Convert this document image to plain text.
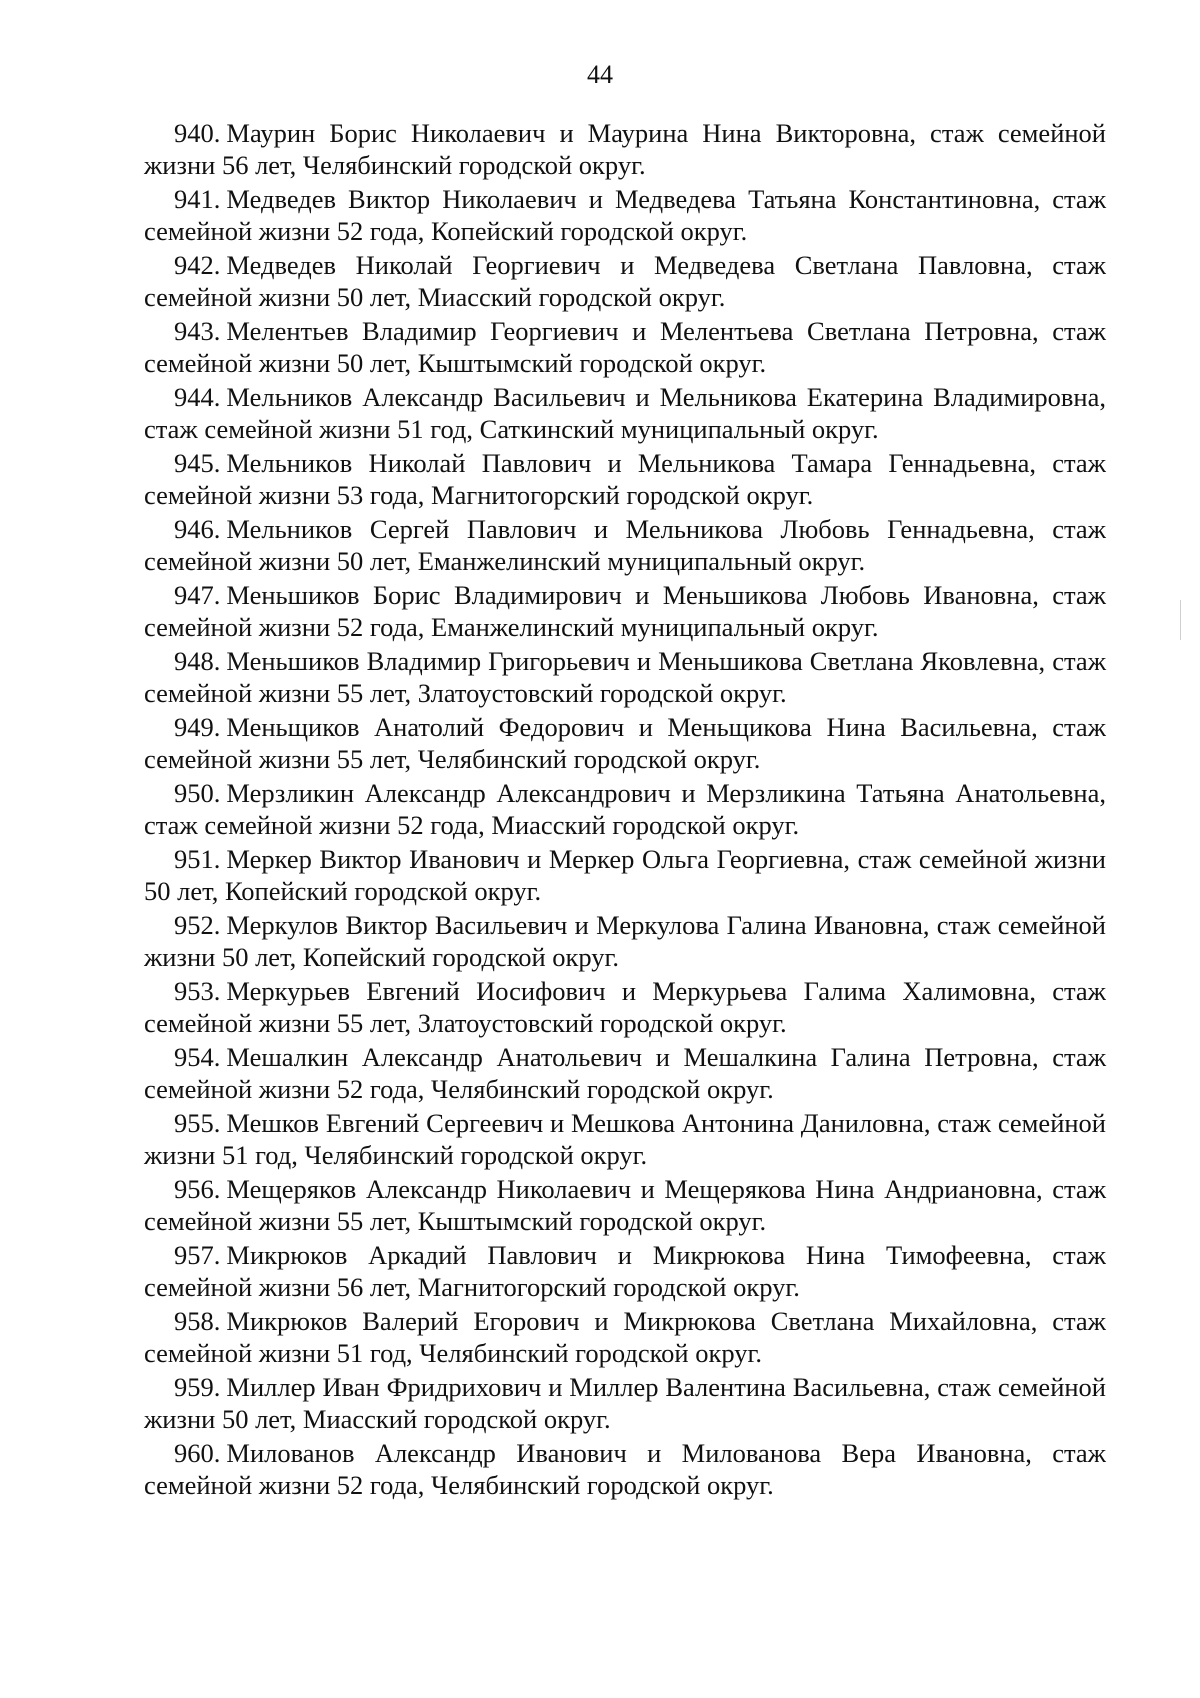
44

940. Маурин Борис Николаевич и Маурина Нина Викторовна, стаж семейной жизни 56 лет, Челябинский городской округ.

941. Медведев Виктор Николаевич и Медведева Татьяна Константиновна, стаж семейной жизни 52 года, Копейский городской округ.

942. Медведев Николай Георгиевич и Медведева Светлана Павловна, стаж семейной жизни 50 лет, Миасский городской округ.

943. Мелентьев Владимир Георгиевич и Мелентьева Светлана Петровна, стаж семейной жизни 50 лет, Кыштымский городской округ.

944. Мельников Александр Васильевич и Мельникова Екатерина Владимировна, стаж семейной жизни 51 год, Саткинский муниципальный округ.

945. Мельников Николай Павлович и Мельникова Тамара Геннадьевна, стаж семейной жизни 53 года, Магнитогорский городской округ.

946. Мельников Сергей Павлович и Мельникова Любовь Геннадьевна, стаж семейной жизни 50 лет, Еманжелинский муниципальный округ.

947. Меньшиков Борис Владимирович и Меньшикова Любовь Ивановна, стаж семейной жизни 52 года, Еманжелинский муниципальный округ.

948. Меньшиков Владимир Григорьевич и Меньшикова Светлана Яковлевна, стаж семейной жизни 55 лет, Златоустовский городской округ.

949. Меньщиков Анатолий Федорович и Меньщикова Нина Васильевна, стаж семейной жизни 55 лет, Челябинский городской округ.

950. Мерзликин Александр Александрович и Мерзликина Татьяна Анатольевна, стаж семейной жизни 52 года, Миасский городской округ.

951. Меркер Виктор Иванович и Меркер Ольга Георгиевна, стаж семейной жизни 50 лет, Копейский городской округ.

952. Меркулов Виктор Васильевич и Меркулова Галина Ивановна, стаж семейной жизни 50 лет, Копейский городской округ.

953. Меркурьев Евгений Иосифович и Меркурьева Галима Халимовна, стаж семейной жизни 55 лет, Златоустовский городской округ.

954. Мешалкин Александр Анатольевич и Мешалкина Галина Петровна, стаж семейной жизни 52 года, Челябинский городской округ.

955. Мешков Евгений Сергеевич и Мешкова Антонина Даниловна, стаж семейной жизни 51 год, Челябинский городской округ.

956. Мещеряков Александр Николаевич и Мещерякова Нина Андриановна, стаж семейной жизни 55 лет, Кыштымский городской округ.

957. Микрюков Аркадий Павлович и Микрюкова Нина Тимофеевна, стаж семейной жизни 56 лет, Магнитогорский городской округ.

958. Микрюков Валерий Егорович и Микрюкова Светлана Михайловна, стаж семейной жизни 51 год, Челябинский городской округ.

959. Миллер Иван Фридрихович и Миллер Валентина Васильевна, стаж семейной жизни 50 лет, Миасский городской округ.

960. Милованов Александр Иванович и Милованова Вера Ивановна, стаж семейной жизни 52 года, Челябинский городской округ.
